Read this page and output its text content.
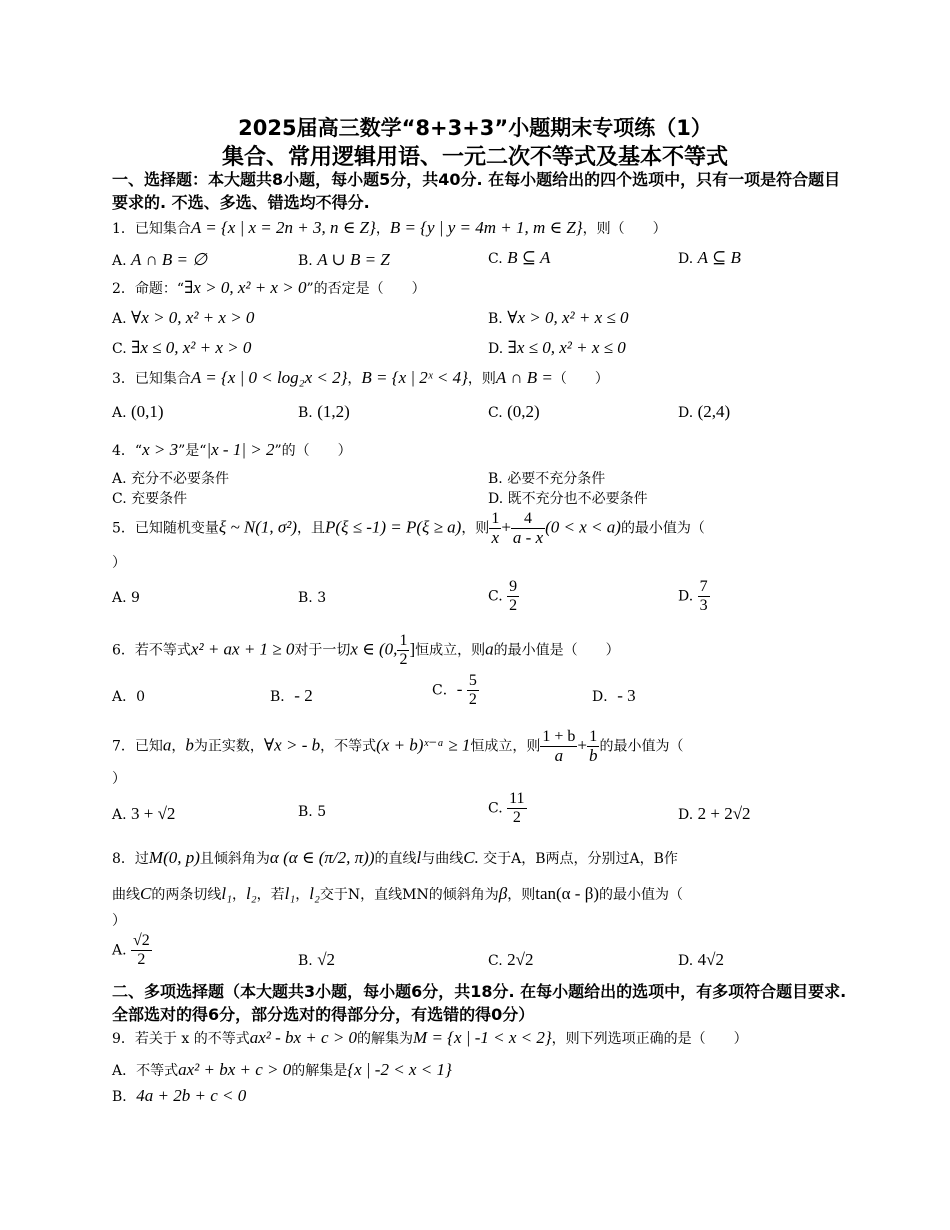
2025届高三数学“8+3+3”小题期末专项练（1）
集合、常用逻辑用语、一元二次不等式及基本不等式
一、选择题：本大题共8小题，每小题5分，共40分. 在每小题给出的四个选项中，只有一项是符合题目要求的. 不选、多选、错选均不得分.
1．已知集合A = {x | x = 2n + 3, n ∈ Z}，B = {y | y = 4m + 1, m ∈ Z}，则（　　）
A. A ∩ B = ∅	B. A ∪ B = Z	C. B ⊆ A	D. A ⊆ B
2．命题：“∃x > 0, x² + x > 0”的否定是（　　）
A. ∀x > 0, x² + x > 0	B. ∀x > 0, x² + x ≤ 0
C. ∃x ≤ 0, x² + x > 0	D. ∃x ≤ 0, x² + x ≤ 0
3．已知集合A = {x | 0 < log₂x < 2}，B = {x | 2ˣ < 4}，则A ∩ B =（　　）
A. (0,1)	B. (1,2)	C. (0,2)	D. (2,4)
4．“x > 3”是“|x - 1| > 2”的（　　）
A. 充分不必要条件	B. 必要不充分条件
C. 充要条件	D. 既不充分也不必要条件
5．已知随机变量ξ ~ N(1, σ²)，且P(ξ ≤ -1) = P(ξ ≥ a)，则 $\frac{1}{x} + \frac{4}{a - x} (0 < x < a)$的最小值为（
）
A. 9	B. 3	C. $\frac{9}{2}$	D. $\frac{7}{3}$
6．若不等式x² + ax + 1 ≥ 0对于一切x ∈ (0, $\frac{1}{2}$ ]恒成立，则a的最小值是（　　）
A．0	B．- 2	C．- $\frac{5}{2}$	D．- 3
7．已知a，b为正实数，∀x > - b，不等式(x + b)ˣ⁻ᵃ ≥ 1恒成立，则 $\frac{1 + b}{a} + \frac{1}{b}$ 的最小值为（
）
A. 3 + √2	B. 5	C. $\frac{11}{2}$	D. 2 + 2√2
8．过M(0, p)且倾斜角为α (α ∈ (π/2, π))的直线l与曲线C. 交于A，B两点，分别过A，B作
曲线C的两条切线l₁，l₂，若l₁，l₂交于N，直线MN的倾斜角为β，则tan(α - β)的最小值为（
）
A. $\frac{√2}{2}$	B. √2	C. 2√2	D. 4√2
二、多项选择题（本大题共3小题，每小题6分，共18分. 在每小题给出的选项中，有多项符合题目要求. 全部选对的得6分，部分选对的得部分分，有选错的得0分）
9．若关于 x 的不等式ax² - bx + c > 0的解集为M = {x | -1 < x < 2}，则下列选项正确的是（　　）
A．不等式ax² + bx + c > 0的解集是{x | -2 < x < 1}
B．4a + 2b + c < 0
